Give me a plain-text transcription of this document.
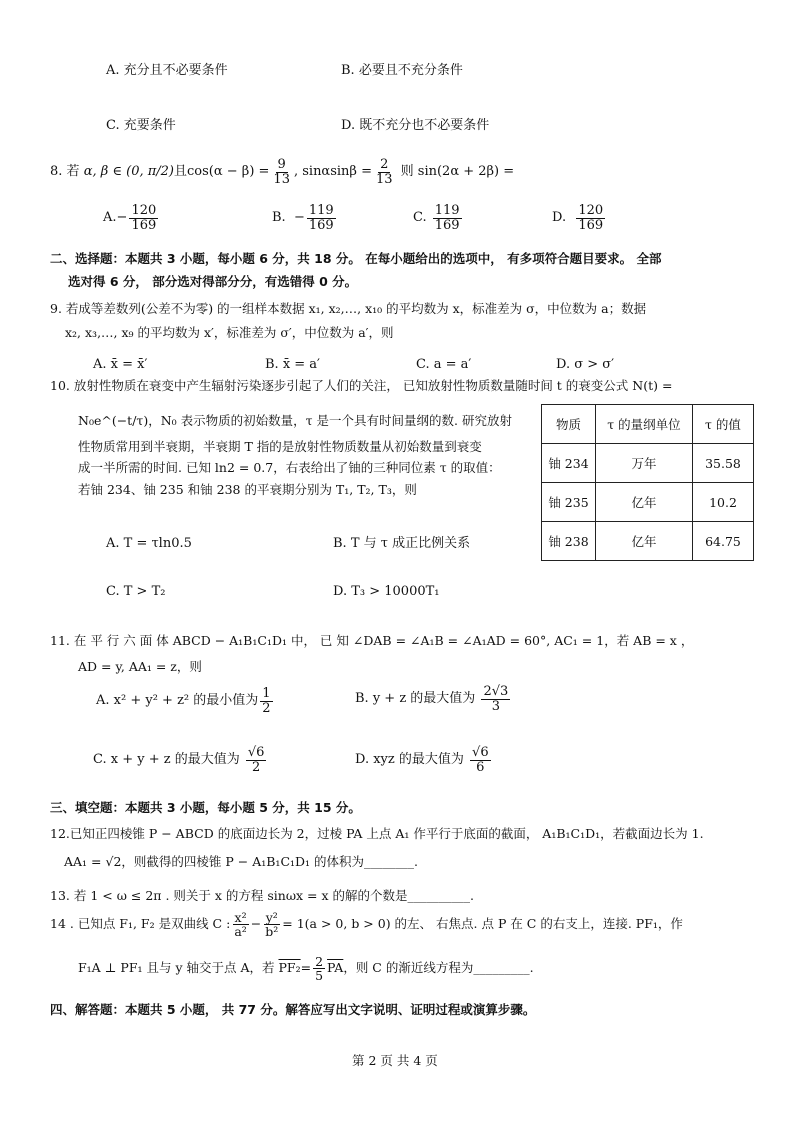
A. 充分且不必要条件	B. 必要且不充分条件
C. 充要条件	D. 既不充分也不必要条件
8. 若
α, β ∈ (0, π/2) 且$\cos(\alpha - \beta) = \frac{9}{13}$ , $\sin\alpha\sin\beta = \frac{2}{13}$
则 sin(2α + 2β) =
A. − $\frac{120}{169}$	B.
− $\frac{119}{169}$	C.
$\frac{119}{169}$	D.
$\frac{120}{169}$
二、选择题：本题共 3 小题，每小题 6 分，共 18 分。 在每小题给出的选项中， 有多项符合题目要求。 全部
选对得 6 分， 部分选对得部分分，有选错得 0 分。
9. 若成等差数列(公差不为零) 的一组样本数据 x₁, x₂,…, x₁₀ 的平均数为 x，标准差为 σ，中位数为 a；数据
x₂, x₃,…, x₉ 的平均数为 x′，标准差为 σ′，中位数为 a′，则
A. x̄ = x̄′	B. x̄ = a′	C. a = a′	D. σ > σ′
10. 放射性物质在衰变中产生辐射污染逐步引起了人们的关注， 已知放射性物质数量随时间 t 的衰变公式 N(t) =
N₀e^(−t/τ)，N₀ 表示物质的初始数量，τ 是一个具有时间量纲的数. 研究放射
性物质常用到半衰期，半衰期 T 指的是放射性物质数量从初始数量到衰变
成一半所需的时间. 已知 ln2 = 0.7，右表给出了铀的三种同位素 τ 的取值：
若铀 234、铀 235 和铀 238 的平衰期分别为 T₁, T₂, T₃，则
物质	τ 的量纲单位	τ 的值
铀 234	万年	35.58
铀 235	亿年	10.2
铀 238	亿年	64.75
A. T = τln0.5	B. T 与 τ 成正比例关系
C. T > T₂	D. T₃ > 10000T₁
11. 在 平 行 六 面 体 ABCD − A₁B₁C₁D₁ 中， 已 知 ∠DAB = ∠A₁B = ∠A₁AD = 60°, AC₁ = 1，若 AB = x ，
AD = y, AA₁ = z，则
A. x² + y² + z² 的最小值为 $\frac{1}{2}$	B. y + z 的最大值为
$\frac{2√3}{3}$
C. x + y + z 的最大值为
$\frac{√6}{2}$	D. xyz 的最大值为
$\frac{√6}{6}$
三、填空题：本题共 3 小题，每小题 5 分，共 15 分。
12.已知正四棱锥 P − ABCD 的底面边长为 2，过棱 PA 上点 A₁ 作平行于底面的截面， A₁B₁C₁D₁，若截面边长为 1.
AA₁ = √2，则截得的四棱锥 P − A₁B₁C₁D₁ 的体积为________.
13. 若 1 < ω ≤ 2π . 则关于 x 的方程 sinωx = x 的解的个数是__________.
14 . 已知点 F₁, F₂ 是双曲线 C : $\frac{\text{x²}}{\text{a²}} - \frac{\text{y²}}{\text{b²}} = 1(a > 0$, b > 0) 的左、 右焦点. 点 P 在 C 的右支上，连接. PF₁，作
F₁A ⊥ PF₁ 且与 y 轴交于点 A，若
$PF_2 = \frac{2}{5} \overline{PA}$ ，则 C 的渐近线方程为_________.
四、解答题：本题共 5 小题， 共 77 分。解答应写出文字说明、证明过程或演算步骤。
第 2 页 共 4 页
